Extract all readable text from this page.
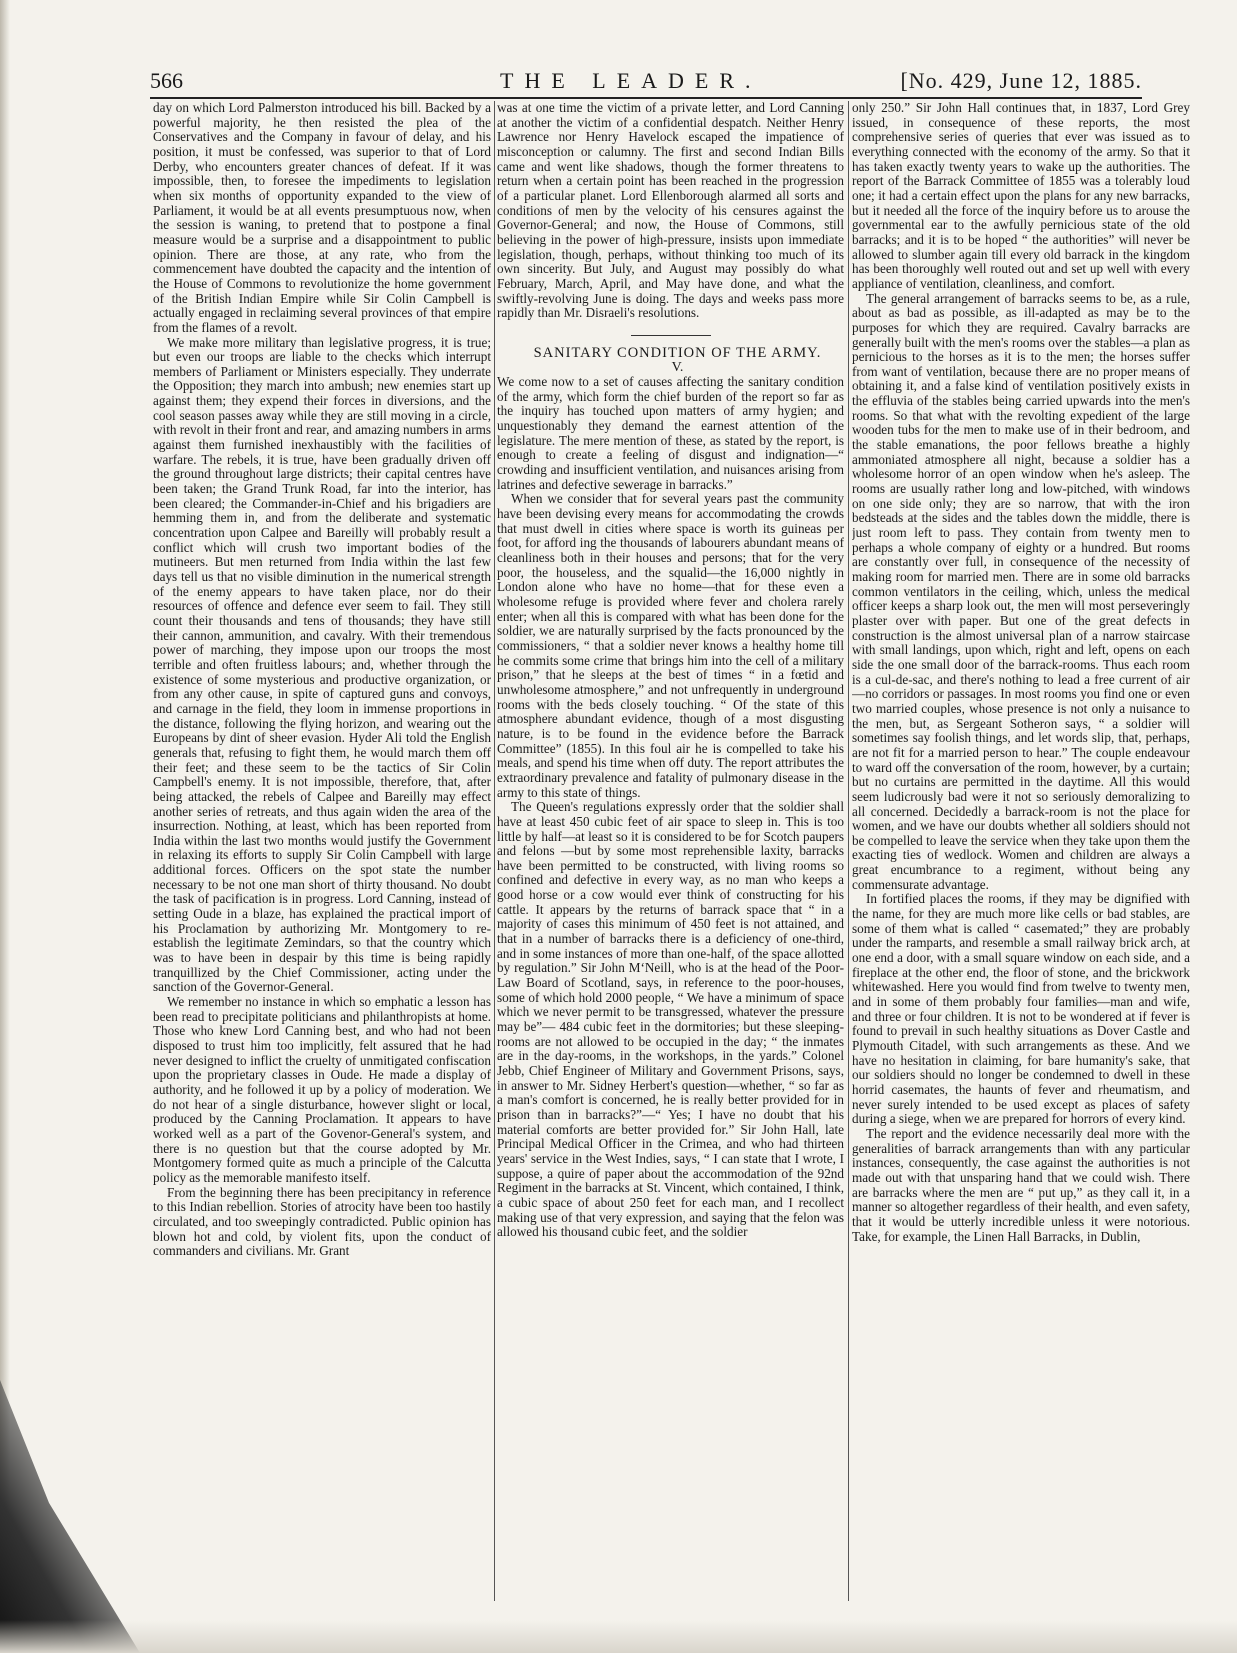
566	THE LEADER.	[No. 429, June 12, 1885.

day on which Lord Palmerston introduced his bill. Backed by a powerful majority, he then resisted the plea of the Conservatives and the Company in favour of delay, and his position, it must be confessed, was superior to that of Lord Derby, who encounters greater chances of defeat. If it was impossible, then, to foresee the impediments to legislation when six months of opportunity expanded to the view of Parliament, it would be at all events presumptuous now, when the session is waning, to pretend that to postpone a final measure would be a surprise and a disappointment to public opinion. There are those, at any rate, who from the commencement have doubted the capacity and the intention of the House of Commons to revolutionize the home government of the British Indian Empire while Sir Colin Campbell is actually engaged in reclaiming several provinces of that empire from the flames of a revolt.

We make more military than legislative progress, it is true; but even our troops are liable to the checks which interrupt members of Parliament or Ministers especially. They underrate the Opposition; they march into ambush; new enemies start up against them; they expend their forces in diversions, and the cool season passes away while they are still moving in a circle, with revolt in their front and rear, and amazing numbers in arms against them furnished inexhaustibly with the facilities of warfare. The rebels, it is true, have been gradually driven off the ground throughout large districts; their capital centres have been taken; the Grand Trunk Road, far into the interior, has been cleared; the Commander-in-Chief and his brigadiers are hemming them in, and from the deliberate and systematic concentration upon Calpee and Bareilly will probably result a conflict which will crush two important bodies of the mutineers. But men returned from India within the last few days tell us that no visible diminution in the numerical strength of the enemy appears to have taken place, nor do their resources of offence and defence ever seem to fail. They still count their thousands and tens of thousands; they have still their cannon, ammunition, and cavalry. With their tremendous power of marching, they impose upon our troops the most terrible and often fruitless labours; and, whether through the existence of some mysterious and productive organization, or from any other cause, in spite of captured guns and convoys, and carnage in the field, they loom in immense proportions in the distance, following the flying horizon, and wearing out the Europeans by dint of sheer evasion. Hyder Ali told the English generals that, refusing to fight them, he would march them off their feet; and these seem to be the tactics of Sir Colin Campbell's enemy. It is not impossible, therefore, that, after being attacked, the rebels of Calpee and Bareilly may effect another series of retreats, and thus again widen the area of the insurrection. Nothing, at least, which has been reported from India within the last two months would justify the Government in relaxing its efforts to supply Sir Colin Campbell with large additional forces. Officers on the spot state the number necessary to be not one man short of thirty thousand. No doubt the task of pacification is in progress. Lord Canning, instead of setting Oude in a blaze, has explained the practical import of his Proclamation by authorizing Mr. Montgomery to re-establish the legitimate Zemindars, so that the country which was to have been in despair by this time is being rapidly tranquillized by the Chief Commissioner, acting under the sanction of the Governor-General.

We remember no instance in which so emphatic a lesson has been read to precipitate politicians and philanthropists at home. Those who knew Lord Canning best, and who had not been disposed to trust him too implicitly, felt assured that he had never designed to inflict the cruelty of unmitigated confiscation upon the proprietary classes in Oude. He made a display of authority, and he followed it up by a policy of moderation. We do not hear of a single disturbance, however slight or local, produced by the Canning Proclamation. It appears to have worked well as a part of the Govenor-General's system, and there is no question but that the course adopted by Mr. Montgomery formed quite as much a principle of the Calcutta policy as the memorable manifesto itself.

From the beginning there has been precipitancy in reference to this Indian rebellion. Stories of atrocity have been too hastily circulated, and too sweepingly contradicted. Public opinion has blown hot and cold, by violent fits, upon the conduct of commanders and civilians. Mr. Grant

was at one time the victim of a private letter, and Lord Canning at another the victim of a confidential despatch. Neither Henry Lawrence nor Henry Havelock escaped the impatience of misconception or calumny. The first and second Indian Bills came and went like shadows, though the former threatens to return when a certain point has been reached in the progression of a particular planet. Lord Ellenborough alarmed all sorts and conditions of men by the velocity of his censures against the Governor-General; and now, the House of Commons, still believing in the power of high-pressure, insists upon immediate legislation, though, perhaps, without thinking too much of its own sincerity. But July, and August may possibly do what February, March, April, and May have done, and what the swiftly-revolving June is doing. The days and weeks pass more rapidly than Mr. Disraeli's resolutions.

SANITARY CONDITION OF THE ARMY.

V.

We come now to a set of causes affecting the sanitary condition of the army, which form the chief burden of the report so far as the inquiry has touched upon matters of army hygien; and unquestionably they demand the earnest attention of the legislature. The mere mention of these, as stated by the report, is enough to create a feeling of disgust and indignation—“ crowding and insufficient ventilation, and nuisances arising from latrines and defective sewerage in barracks.”

When we consider that for several years past the community have been devising every means for accommodating the crowds that must dwell in cities where space is worth its guineas per foot, for afford ing the thousands of labourers abundant means of cleanliness both in their houses and persons; that for the very poor, the houseless, and the squalid—the 16,000 nightly in London alone who have no home—that for these even a wholesome refuge is provided where fever and cholera rarely enter; when all this is compared with what has been done for the soldier, we are naturally surprised by the facts pronounced by the commissioners, “ that a soldier never knows a healthy home till he commits some crime that brings him into the cell of a military prison,” that he sleeps at the best of times “ in a fœtid and unwholesome atmosphere,” and not unfrequently in underground rooms with the beds closely touching. “ Of the state of this atmosphere abundant evidence, though of a most disgusting nature, is to be found in the evidence before the Barrack Committee” (1855). In this foul air he is compelled to take his meals, and spend his time when off duty. The report attributes the extraordinary prevalence and fatality of pulmonary disease in the army to this state of things.

The Queen's regulations expressly order that the soldier shall have at least 450 cubic feet of air space to sleep in. This is too little by half—at least so it is considered to be for Scotch paupers and felons —but by some most reprehensible laxity, barracks have been permitted to be constructed, with living rooms so confined and defective in every way, as no man who keeps a good horse or a cow would ever think of constructing for his cattle. It appears by the returns of barrack space that “ in a majority of cases this minimum of 450 feet is not attained, and that in a number of barracks there is a deficiency of one-third, and in some instances of more than one-half, of the space allotted by regulation.” Sir John M‘Neill, who is at the head of the Poor-Law Board of Scotland, says, in reference to the poor-houses, some of which hold 2000 people, “ We have a minimum of space which we never permit to be transgressed, whatever the pressure may be”— 484 cubic feet in the dormitories; but these sleeping-rooms are not allowed to be occupied in the day; “ the inmates are in the day-rooms, in the workshops, in the yards.” Colonel Jebb, Chief Engineer of Military and Government Prisons, says, in answer to Mr. Sidney Herbert's question—whether, “ so far as a man's comfort is concerned, he is really better provided for in prison than in barracks?”—“ Yes; I have no doubt that his material comforts are better provided for.” Sir John Hall, late Principal Medical Officer in the Crimea, and who had thirteen years' service in the West Indies, says, “ I can state that I wrote, I suppose, a quire of paper about the accommodation of the 92nd Regiment in the barracks at St. Vincent, which contained, I think, a cubic space of about 250 feet for each man, and I recollect making use of that very expression, and saying that the felon was allowed his thousand cubic feet, and the soldier

only 250.” Sir John Hall continues that, in 1837, Lord Grey issued, in consequence of these reports, the most comprehensive series of queries that ever was issued as to everything connected with the economy of the army. So that it has taken exactly twenty years to wake up the authorities. The report of the Barrack Committee of 1855 was a tolerably loud one; it had a certain effect upon the plans for any new barracks, but it needed all the force of the inquiry before us to arouse the governmental ear to the awfully pernicious state of the old barracks; and it is to be hoped “ the authorities” will never be allowed to slumber again till every old barrack in the kingdom has been thoroughly well routed out and set up well with every appliance of ventilation, cleanliness, and comfort.

The general arrangement of barracks seems to be, as a rule, about as bad as possible, as ill-adapted as may be to the purposes for which they are required. Cavalry barracks are generally built with the men's rooms over the stables—a plan as pernicious to the horses as it is to the men; the horses suffer from want of ventilation, because there are no proper means of obtaining it, and a false kind of ventilation positively exists in the effluvia of the stables being carried upwards into the men's rooms. So that what with the revolting expedient of the large wooden tubs for the men to make use of in their bedroom, and the stable emanations, the poor fellows breathe a highly ammoniated atmosphere all night, because a soldier has a wholesome horror of an open window when he's asleep. The rooms are usually rather long and low-pitched, with windows on one side only; they are so narrow, that with the iron bedsteads at the sides and the tables down the middle, there is just room left to pass. They contain from twenty men to perhaps a whole company of eighty or a hundred. But rooms are constantly over full, in consequence of the necessity of making room for married men. There are in some old barracks common ventilators in the ceiling, which, unless the medical officer keeps a sharp look out, the men will most perseveringly plaster over with paper. But one of the great defects in construction is the almost universal plan of a narrow staircase with small landings, upon which, right and left, opens on each side the one small door of the barrack-rooms. Thus each room is a cul-de-sac, and there's nothing to lead a free current of air—no corridors or passages. In most rooms you find one or even two married couples, whose presence is not only a nuisance to the men, but, as Sergeant Sotheron says, “ a soldier will sometimes say foolish things, and let words slip, that, perhaps, are not fit for a married person to hear.” The couple endeavour to ward off the conversation of the room, however, by a curtain; but no curtains are permitted in the daytime. All this would seem ludicrously bad were it not so seriously demoralizing to all concerned. Decidedly a barrack-room is not the place for women, and we have our doubts whether all soldiers should not be compelled to leave the service when they take upon them the exacting ties of wedlock. Women and children are always a great encumbrance to a regiment, without being any commensurate advantage.

In fortified places the rooms, if they may be dignified with the name, for they are much more like cells or bad stables, are some of them what is called “ casemated;” they are probably under the ramparts, and resemble a small railway brick arch, at one end a door, with a small square window on each side, and a fireplace at the other end, the floor of stone, and the brickwork whitewashed. Here you would find from twelve to twenty men, and in some of them probably four families—man and wife, and three or four children. It is not to be wondered at if fever is found to prevail in such healthy situations as Dover Castle and Plymouth Citadel, with such arrangements as these. And we have no hesitation in claiming, for bare humanity's sake, that our soldiers should no longer be condemned to dwell in these horrid casemates, the haunts of fever and rheumatism, and never surely intended to be used except as places of safety during a siege, when we are prepared for horrors of every kind.

The report and the evidence necessarily deal more with the generalities of barrack arrangements than with any particular instances, consequently, the case against the authorities is not made out with that unsparing hand that we could wish. There are barracks where the men are “ put up,” as they call it, in a manner so altogether regardless of their health, and even safety, that it would be utterly incredible unless it were notorious. Take, for example, the Linen Hall Barracks, in Dublin,
